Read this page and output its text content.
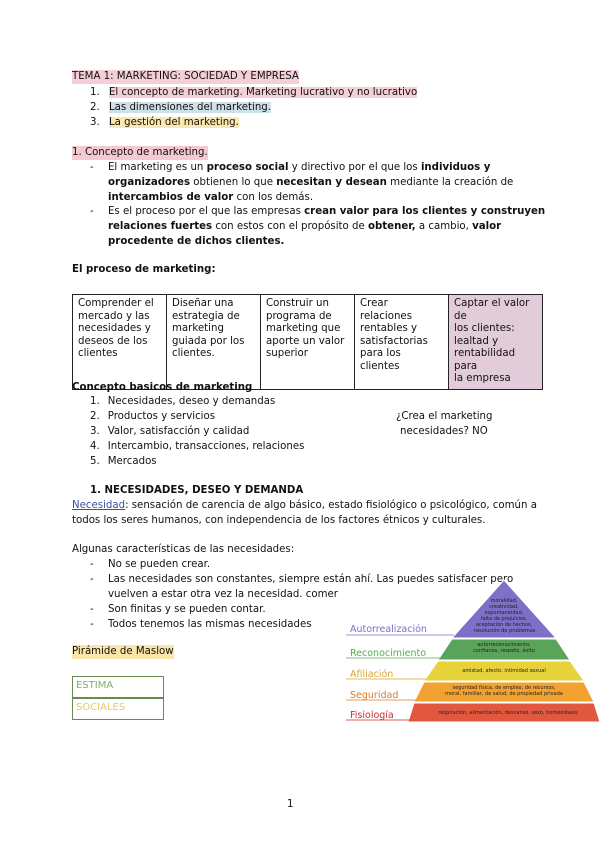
TEMA 1: MARKETING: SOCIEDAD Y EMPRESA
1. El concepto de marketing. Marketing lucrativo y no lucrativo
2. Las dimensiones del marketing.
3. La gestión del marketing.
1. Concepto de marketing.
- El marketing es un proceso social y directivo por el que los individuos y
organizadores obtienen lo que necesitan y desean mediante la creación de
intercambios de valor con los demás.
- Es el proceso por el que las empresas crean valor para los clientes y construyen
relaciones fuertes con estos con el propósito de obtener, a cambio, valor
procedente de dichos clientes.
El proceso de marketing:
Comprender el
mercado y las
necesidades y
deseos de los
clientes

Diseñar una
estrategia de
marketing
guiada por los
clientes.

Construir un
programa de
marketing que
aporte un valor
superior

Crear relaciones
rentables y
satisfactorias
para los clientes

Captar el valor de
los clientes:
lealtad y
rentabilidad para
la empresa
Concepto basicos de marketing
1. Necesidades, deseo y demandas
2. Productos y servicios
3. Valor, satisfacción y calidad
4. Intercambio, transacciones, relaciones
5. Mercados
¿Crea el marketing
necesidades? NO
1. NECESIDADES, DESEO Y DEMANDA
Necesidad: sensación de carencia de algo básico, estado fisiológico o psicológico, común a
todos los seres humanos, con independencia de los factores étnicos y culturales.
Algunas características de las necesidades:
- No se pueden crear.
- Las necesidades son constantes, siempre están ahí. Las puedes satisfacer pero
vuelven a estar otra vez la necesidad. comer
- Son finitas y se pueden contar.
- Todos tenemos las mismas necesidades
Pirámide de Maslow
ESTIMA
SOCIALES
Autorrealización
Reconocimiento
Afiliación
Seguridad
Fisiología
moralidad,
creatividad,
espontaneidad,
falta de prejuicios,
aceptación de hechos,
resolución de problemas
autorreconocimiento,
confianza, respeto, éxito
amistad, afecto, intimidad sexual
seguridad física, de empleo, de recursos,
moral, familiar, de salud, de propiedad privada
respiración, alimentación, descanso, sexo, homeostasis
1
